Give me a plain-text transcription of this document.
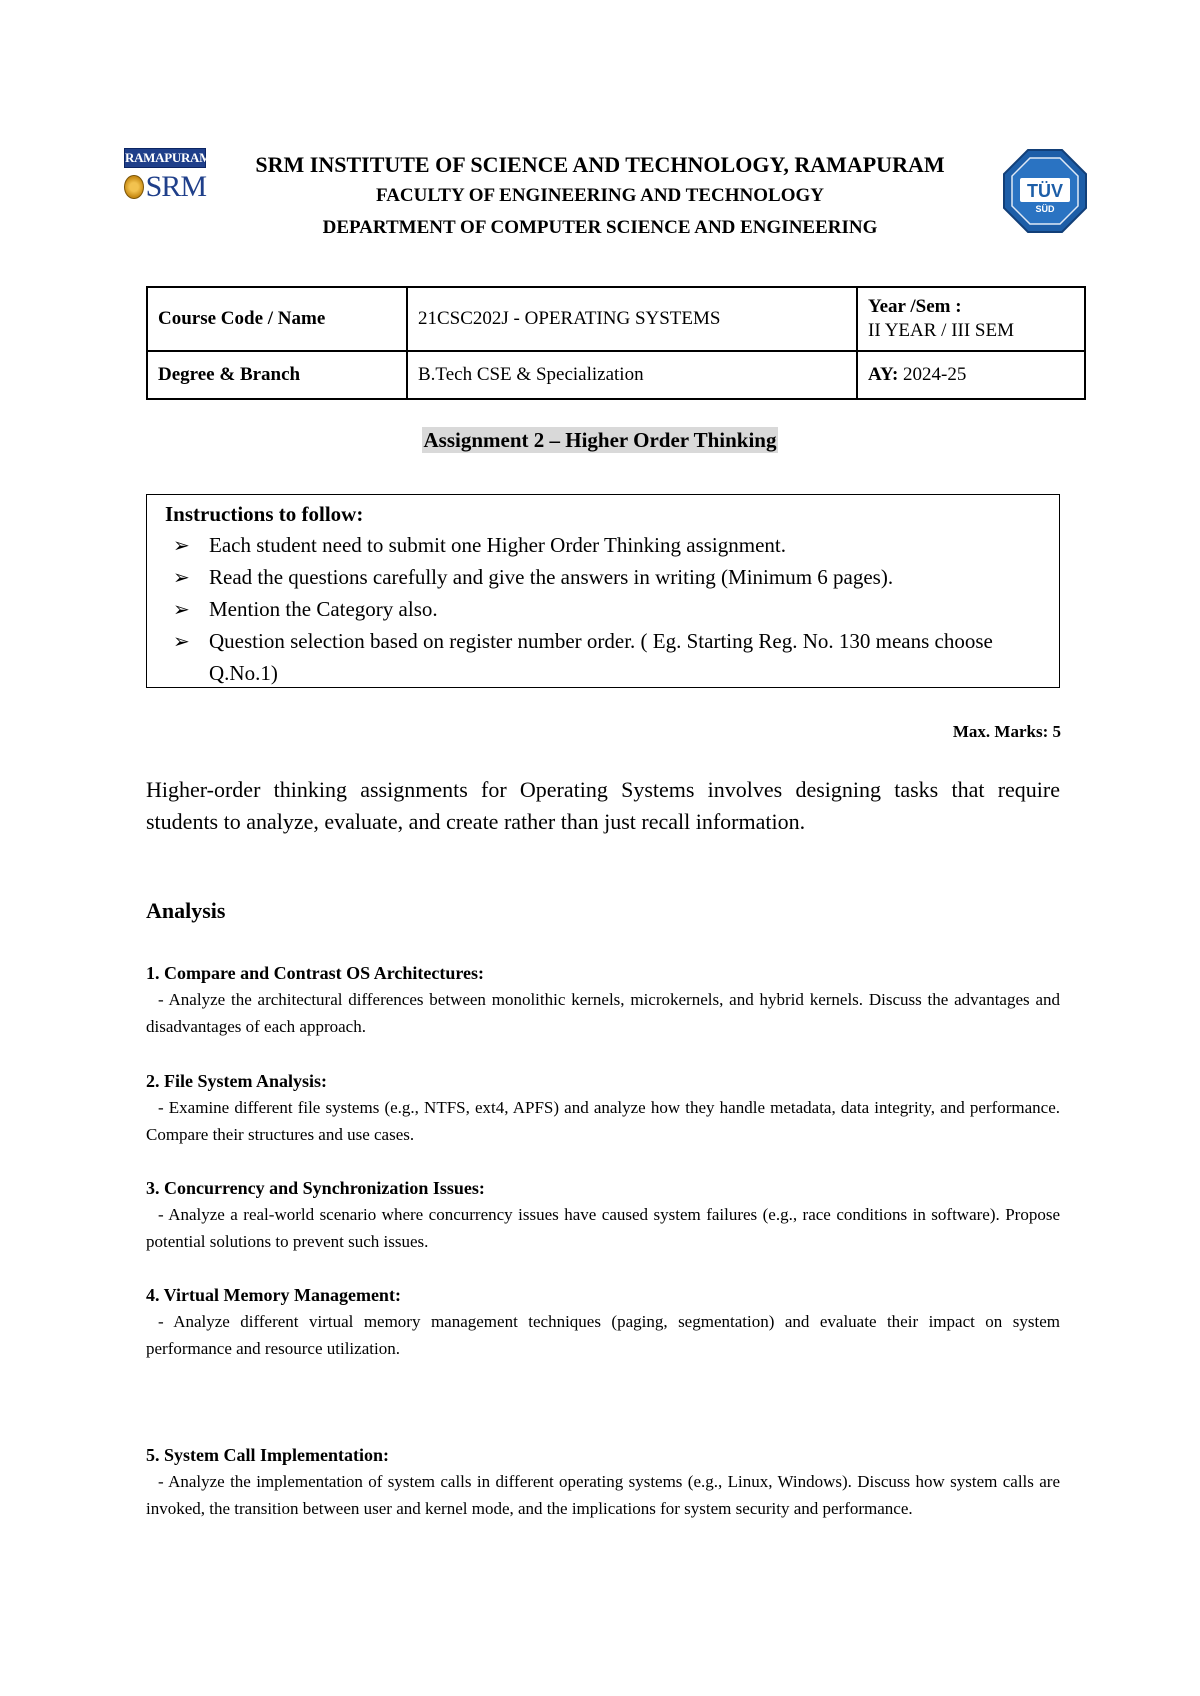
RAMAPURAM
SRM
SRM INSTITUTE OF SCIENCE AND TECHNOLOGY, RAMAPURAM
FACULTY OF ENGINEERING AND TECHNOLOGY
DEPARTMENT OF COMPUTER SCIENCE AND ENGINEERING
TÜV
SÜD
Course Code / Name	21CSC202J - OPERATING SYSTEMS	Year /Sem :
II YEAR / III SEM
Degree & Branch	B.Tech CSE & Specialization	AY: 2024-25
Assignment 2 – Higher Order Thinking
Instructions to follow:
➢ Each student need to submit one Higher Order Thinking assignment.
➢ Read the questions carefully and give the answers in writing (Minimum 6 pages).
➢ Mention the Category also.
➢ Question selection based on register number order. ( Eg. Starting Reg. No. 130 means choose Q.No.1)
Max. Marks: 5
Higher-order thinking assignments for Operating Systems involves designing tasks that require students to analyze, evaluate, and create rather than just recall information.
Analysis
1. Compare and Contrast OS Architectures:
- Analyze the architectural differences between monolithic kernels, microkernels, and hybrid kernels. Discuss the advantages and disadvantages of each approach.
2. File System Analysis:
- Examine different file systems (e.g., NTFS, ext4, APFS) and analyze how they handle metadata, data integrity, and performance. Compare their structures and use cases.
3. Concurrency and Synchronization Issues:
- Analyze a real-world scenario where concurrency issues have caused system failures (e.g., race conditions in software). Propose potential solutions to prevent such issues.
4. Virtual Memory Management:
- Analyze different virtual memory management techniques (paging, segmentation) and evaluate their impact on system performance and resource utilization.
5. System Call Implementation:
- Analyze the implementation of system calls in different operating systems (e.g., Linux, Windows). Discuss how system calls are invoked, the transition between user and kernel mode, and the implications for system security and performance.
